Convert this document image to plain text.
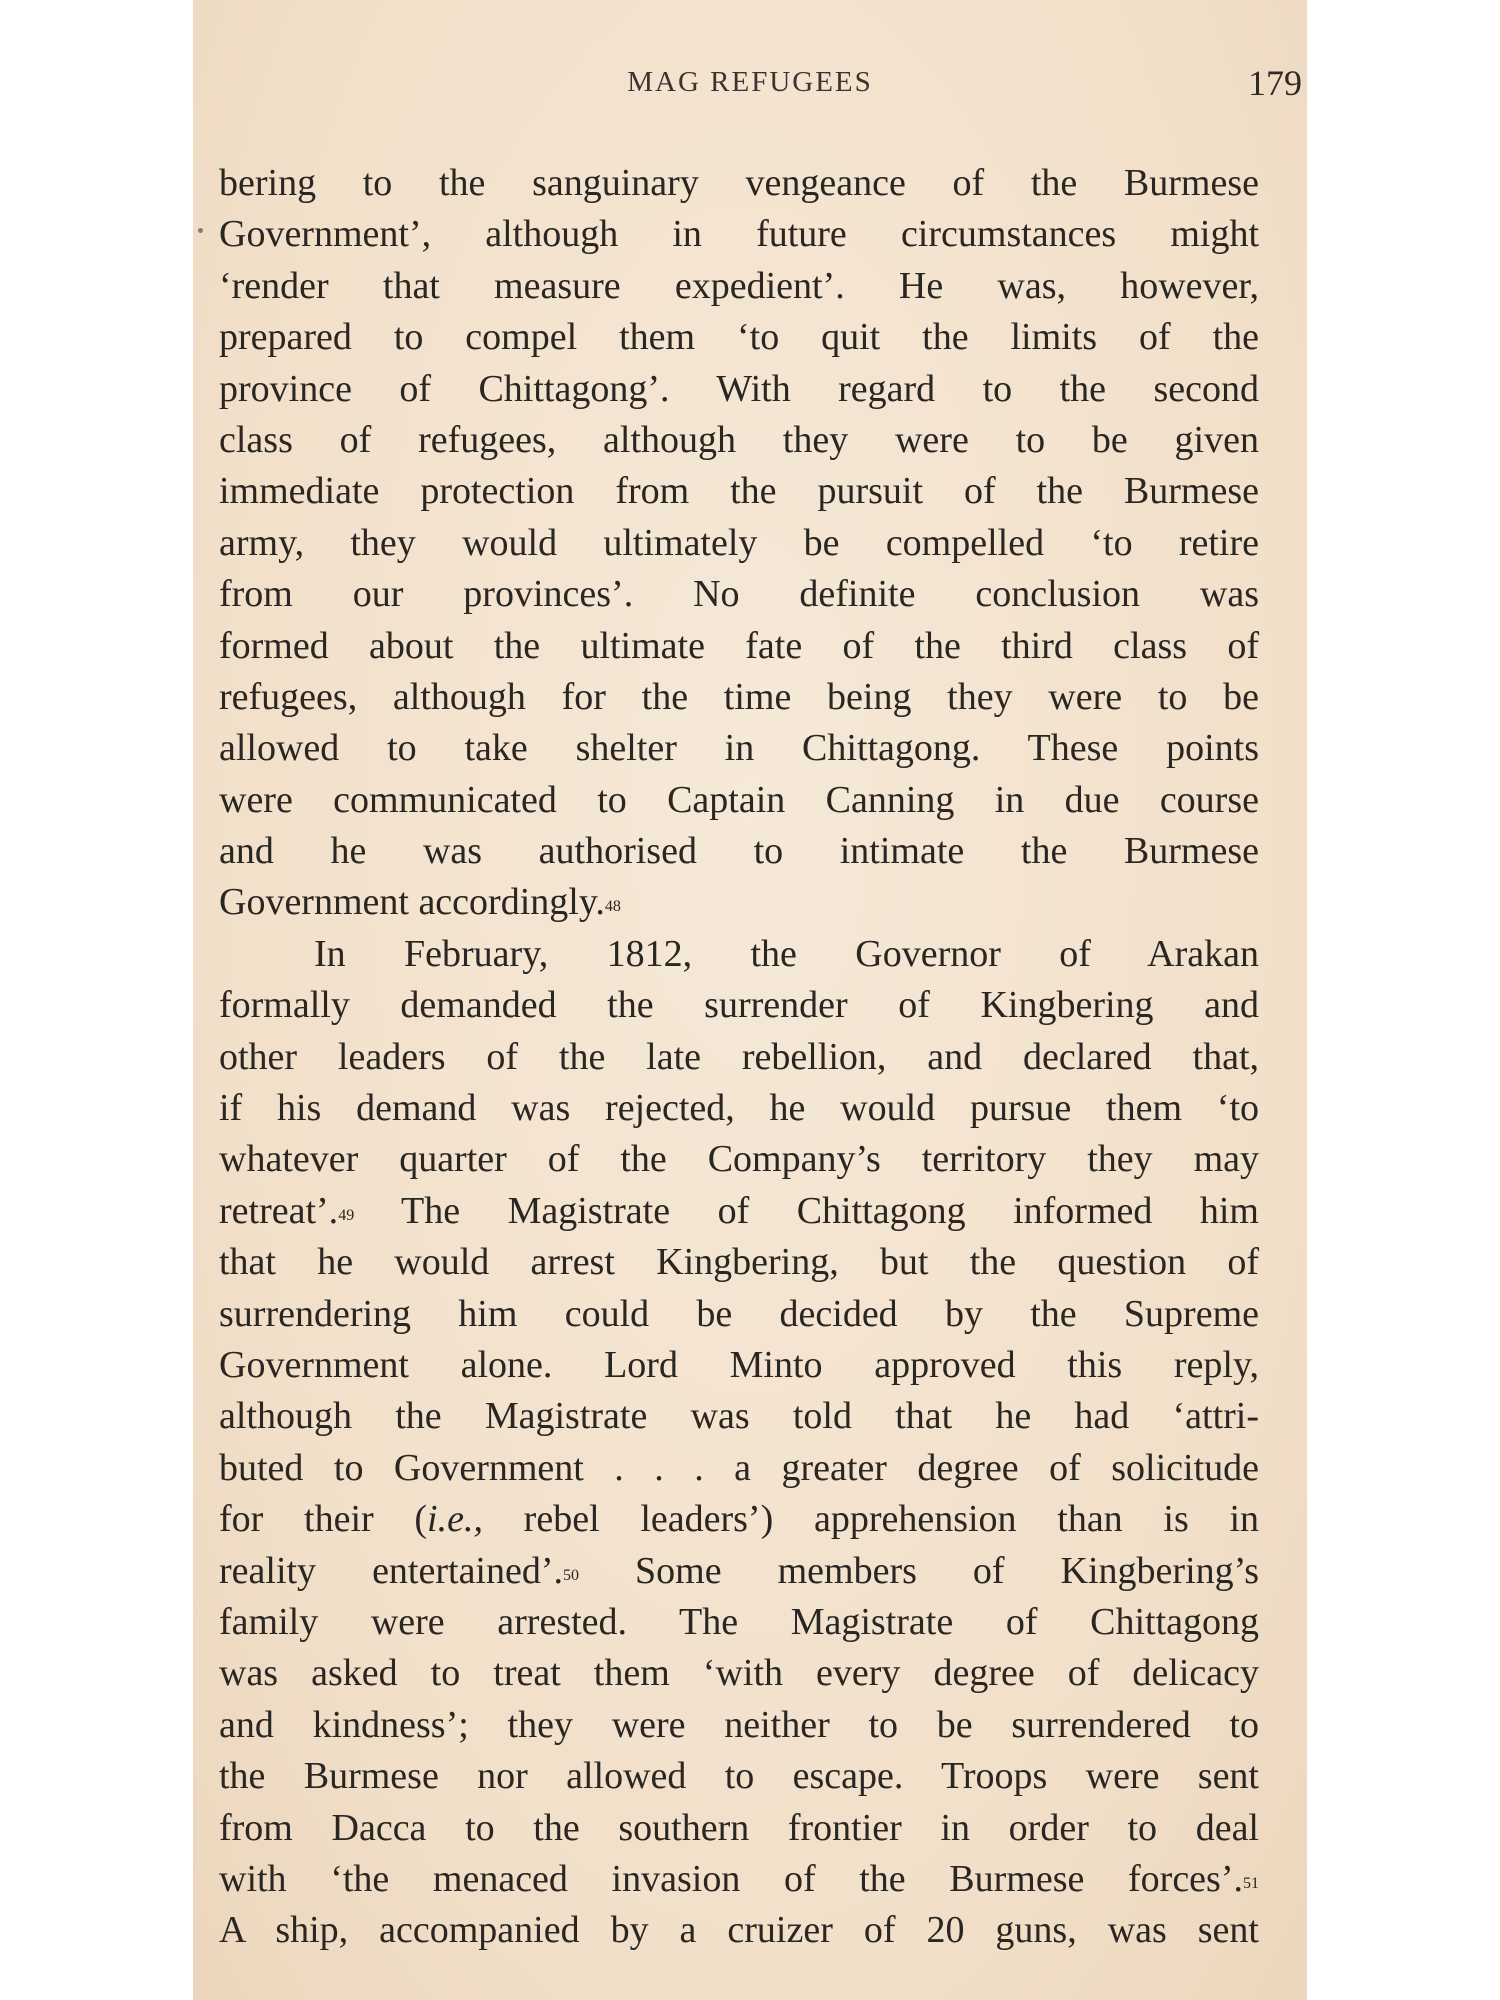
MAG REFUGEES	179
bering to the sanguinary vengeance of the Burmese
Government’, although in future circumstances might
‘render that measure expedient’. He was, however,
prepared to compel them ‘to quit the limits of the
province of Chittagong’. With regard to the second
class of refugees, although they were to be given
immediate protection from the pursuit of the Burmese
army, they would ultimately be compelled ‘to retire
from our provinces’. No definite conclusion was
formed about the ultimate fate of the third class of
refugees, although for the time being they were to be
allowed to take shelter in Chittagong. These points
were communicated to Captain Canning in due course
and he was authorised to intimate the Burmese
Government accordingly.$^{48}$
In February, 1812, the Governor of Arakan
formally demanded the surrender of Kingbering and
other leaders of the late rebellion, and declared that,
if his demand was rejected, he would pursue them ‘to
whatever quarter of the Company’s territory they may
retreat’.$^{49}$ The Magistrate of Chittagong informed him
that he would arrest Kingbering, but the question of
surrendering him could be decided by the Supreme
Government alone. Lord Minto approved this reply,
although the Magistrate was told that he had ‘attri-
buted to Government . . . a greater degree of solicitude
for their (i.e., rebel leaders’) apprehension than is in
reality entertained’.$^{50}$ Some members of Kingbering’s
family were arrested. The Magistrate of Chittagong
was asked to treat them ‘with every degree of delicacy
and kindness’; they were neither to be surrendered to
the Burmese nor allowed to escape. Troops were sent
from Dacca to the southern frontier in order to deal
with ‘the menaced invasion of the Burmese forces’.$^{51}$
A ship, accompanied by a cruizer of 20 guns, was sent
